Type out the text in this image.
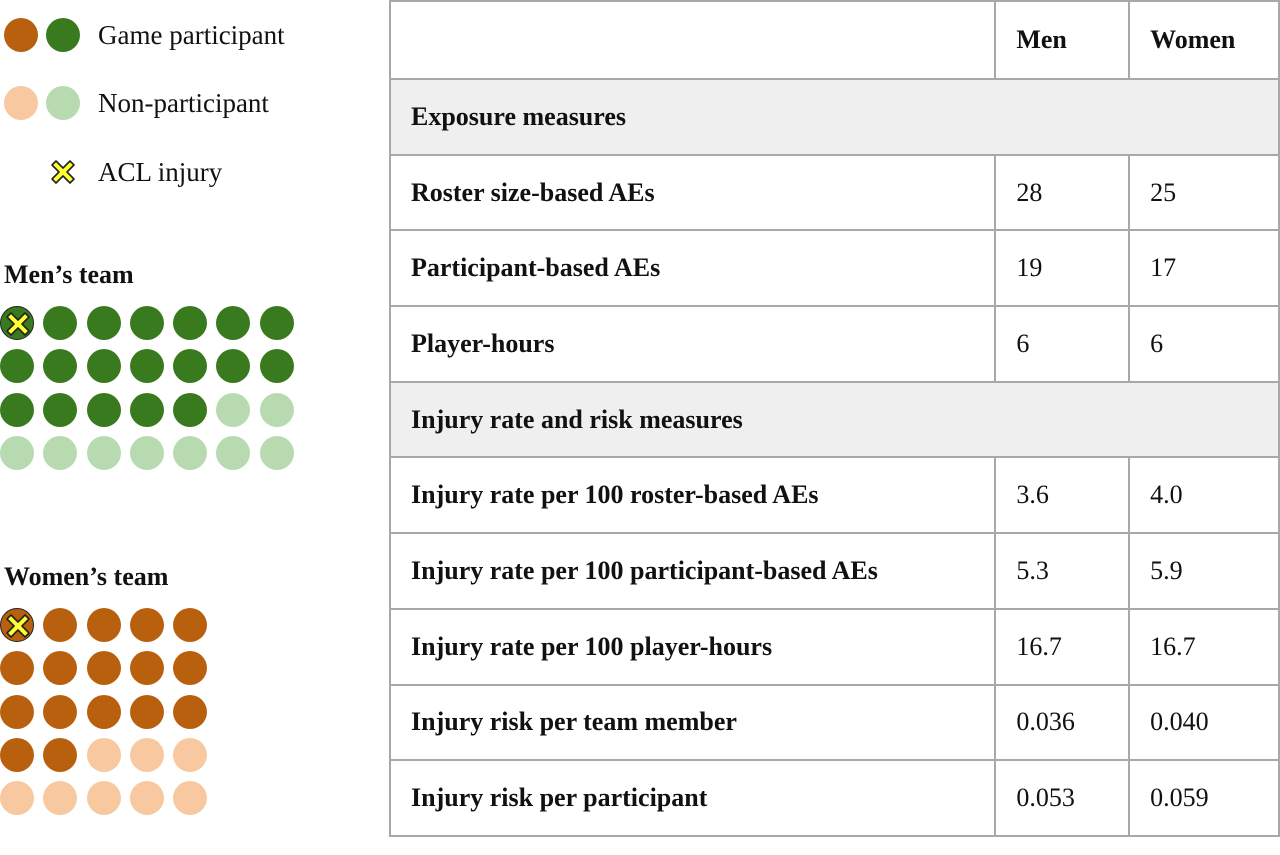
Game participant
Non-participant
ACL injury
Men’s team
Women’s team
	Men	Women
Exposure measures		
Roster size-based AEs	28	25
Participant-based AEs	19	17
Player-hours	6	6
Injury rate and risk measures		
Injury rate per 100 roster-based AEs	3.6	4.0
Injury rate per 100 participant-based AEs	5.3	5.9
Injury rate per 100 player-hours	16.7	16.7
Injury risk per team member	0.036	0.040
Injury risk per participant	0.053	0.059
